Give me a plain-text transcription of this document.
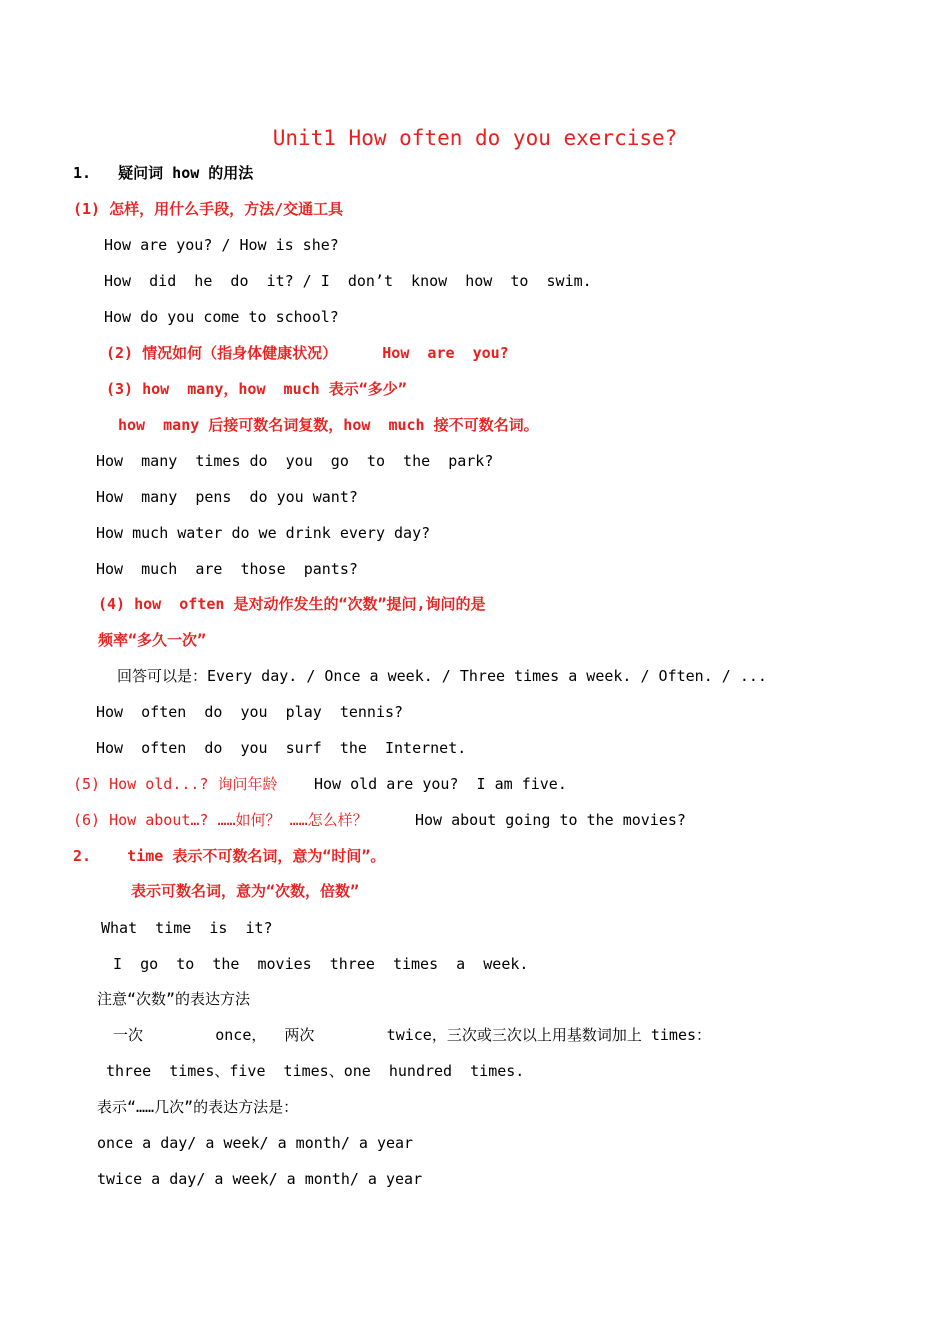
Unit1 How often do you exercise?
1.   疑问词 how 的用法
(1) 怎样，用什么手段，方法/交通工具
How are you? / How is she?
How  did  he  do  it? / I  don’t  know  how  to  swim.
How do you come to school?
(2) 情况如何（指身体健康状况）     How  are  you?
(3) how  many，how  much 表示“多少”
how  many 后接可数名词复数，how  much 接不可数名词。
How  many  times do  you  go  to  the  park?
How  many  pens  do you want?
How much water do we drink every day?
How  much  are  those  pants?
(4) how  often 是对动作发生的“次数”提问,询问的是
频率“多久一次”
回答可以是：Every day. / Once a week. / Three times a week. / Often. / ...
How  often  do  you  play  tennis?
How  often  do  you  surf  the  Internet.
(5) How old...? 询问年龄 How old are you?  I am five.
(6) How about…? ……如何？ ……怎么样？	How about going to the movies?
2.    time 表示不可数名词，意为“时间”。
表示可数名词，意为“次数，倍数”
What  time  is  it?
I  go  to  the  movies  three  times  a  week.
注意“次数”的表达方法
一次        once，  两次        twice，三次或三次以上用基数词加上 times：
three  times、five  times、one  hundred  times.
表示“……几次”的表达方法是：
once a day/ a week/ a month/ a year
twice a day/ a week/ a month/ a year
